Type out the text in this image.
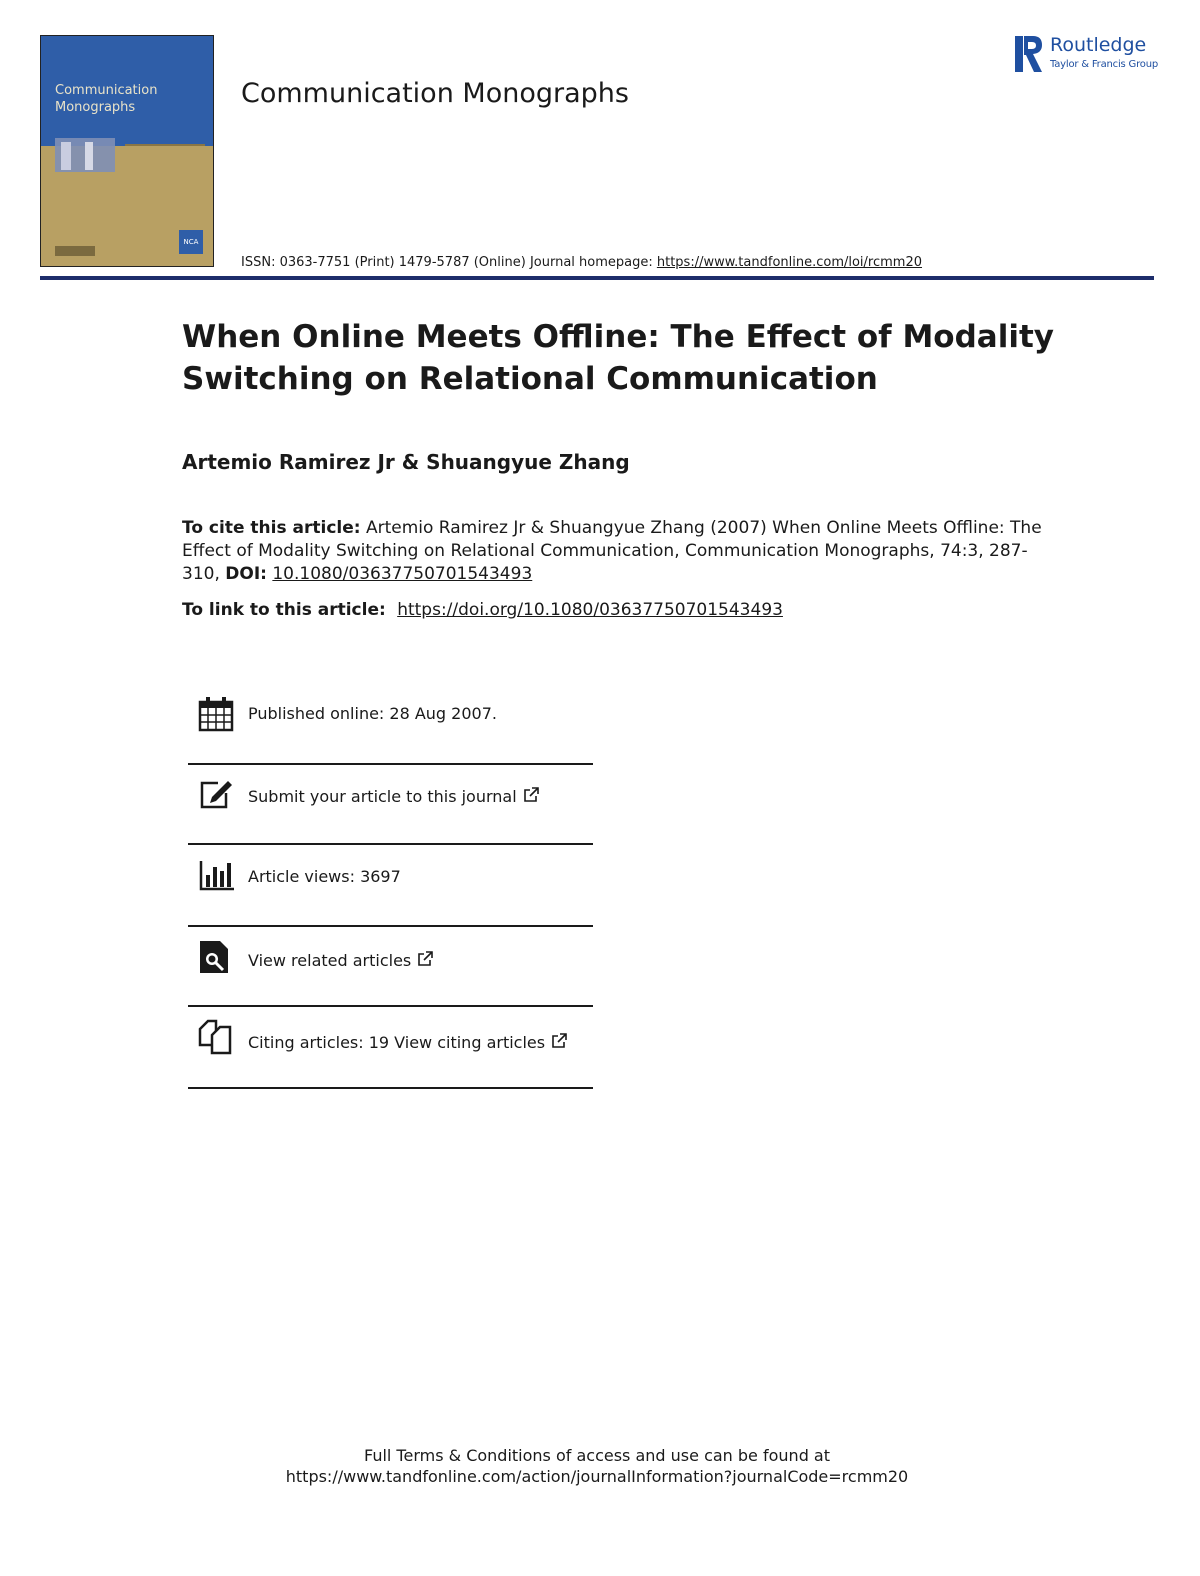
Communication
Monographs
NCA
Communication Monographs
Routledge
Taylor & Francis Group
ISSN: 0363-7751 (Print) 1479-5787 (Online) Journal homepage: https://www.tandfonline.com/loi/rcmm20
When Online Meets Offline: The Effect of Modality Switching on Relational Communication
Artemio Ramirez Jr & Shuangyue Zhang
To cite this article: Artemio Ramirez Jr & Shuangyue Zhang (2007) When Online Meets Offline: The Effect of Modality Switching on Relational Communication, Communication Monographs, 74:3, 287-310, DOI: 10.1080/03637750701543493
To link to this article: https://doi.org/10.1080/03637750701543493
Published online: 28 Aug 2007.
Submit your article to this journal
Article views: 3697
View related articles
Citing articles: 19 View citing articles
Full Terms & Conditions of access and use can be found at
https://www.tandfonline.com/action/journalInformation?journalCode=rcmm20
